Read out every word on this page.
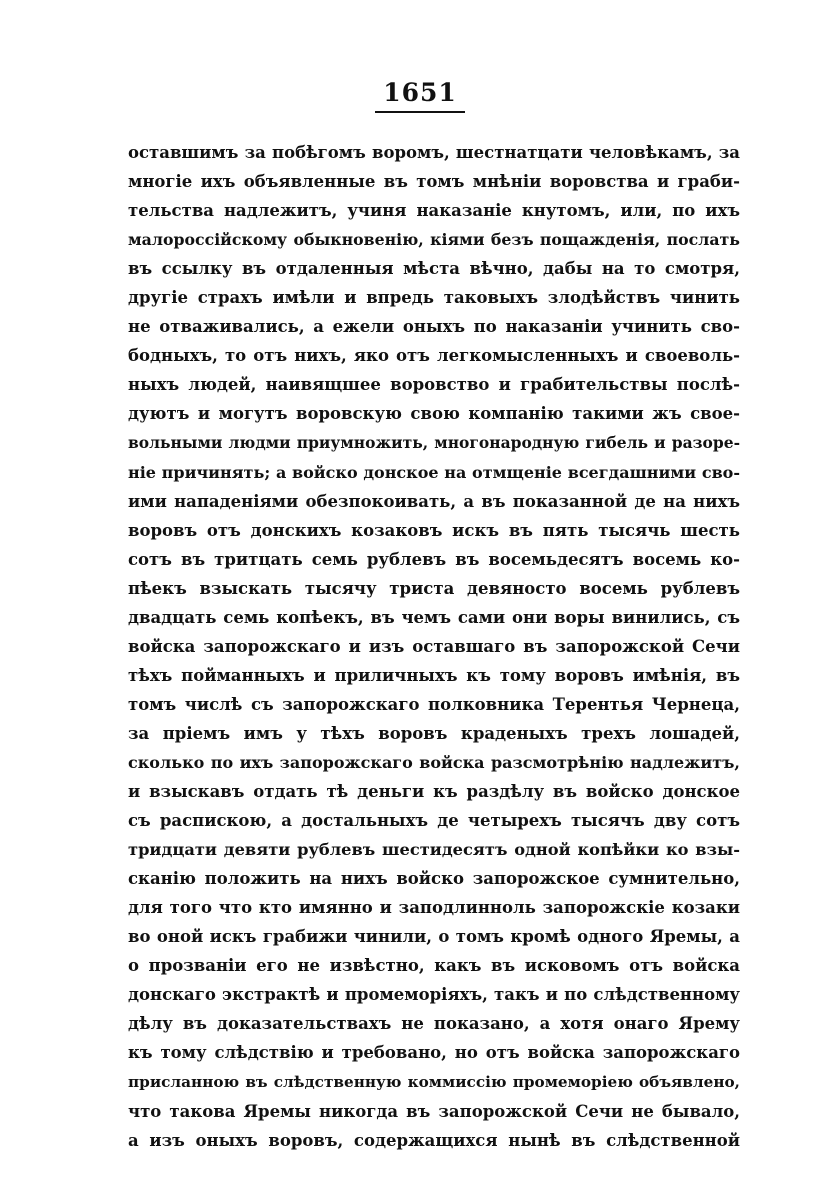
1651
оставшимъ за побѣгомъ воромъ, шестнатцати человѣкамъ, за
многіе ихъ объявленные въ томъ мнѣніи воровства и граби-
тельства надлежитъ, учиня наказаніе кнутомъ, или, по ихъ
малороссійскому обыкновенію, кіями безъ пощажденія, послать
въ ссылку въ отдаленныя мѣста вѣчно, дабы на то смотря,
другіе страхъ имѣли и впредь таковыхъ злодѣйствъ чинить
не отваживались, а ежели оныхъ по наказаніи учинить сво-
бодныхъ, то отъ нихъ, яко отъ легкомысленныхъ и своеволь-
ныхъ людей, наивящшее воровство и грабительствы послѣ-
дуютъ и могутъ воровскую свою компанію такими жъ свое-
вольными людми приумножить, многонародную гибель и разоре-
ніе причинять; а войско донское на отмщеніе всегдашними сво-
ими нападеніями обезпокоивать, а въ показанной де на нихъ
воровъ отъ донскихъ козаковъ искъ въ пять тысячь шесть
сотъ въ тритцать семь рублевъ въ восемьдесятъ восемь ко-
пѣекъ взыскать тысячу триста девяносто восемь рублевъ
двадцать семь копѣекъ, въ чемъ сами они воры винились, съ
войска запорожскаго и изъ оставшаго въ запорожской Сечи
тѣхъ пойманныхъ и приличныхъ къ тому воровъ имѣнія, въ
томъ числѣ съ запорожскаго полковника Терентья Чернеца,
за пріемъ имъ у тѣхъ воровъ краденыхъ трехъ лошадей,
сколько по ихъ запорожскаго войска разсмотрѣнію надлежитъ,
и взыскавъ отдать тѣ деньги къ раздѣлу въ войско донское
съ распискою, а достальныхъ де четырехъ тысячъ дву сотъ
тридцати девяти рублевъ шестидесятъ одной копѣйки ко взы-
сканію положить на нихъ войско запорожское сумнительно,
для того что кто имянно и заподлинноль запорожскіе козаки
во оной искъ грабижи чинили, о томъ кромѣ одного Яремы, а
о прозваніи его не извѣстно, какъ въ исковомъ отъ войска
донскаго экстрактѣ и промеморіяхъ, такъ и по слѣдственному
дѣлу въ доказательствахъ не показано, а хотя онаго Ярему
къ тому слѣдствію и требовано, но отъ войска запорожскаго
присланною въ слѣдственную коммиссію промеморіею объявлено,
что такова Яремы никогда въ запорожской Сечи не бывало,
а изъ оныхъ воровъ, содержащихся нынѣ въ слѣдственной
